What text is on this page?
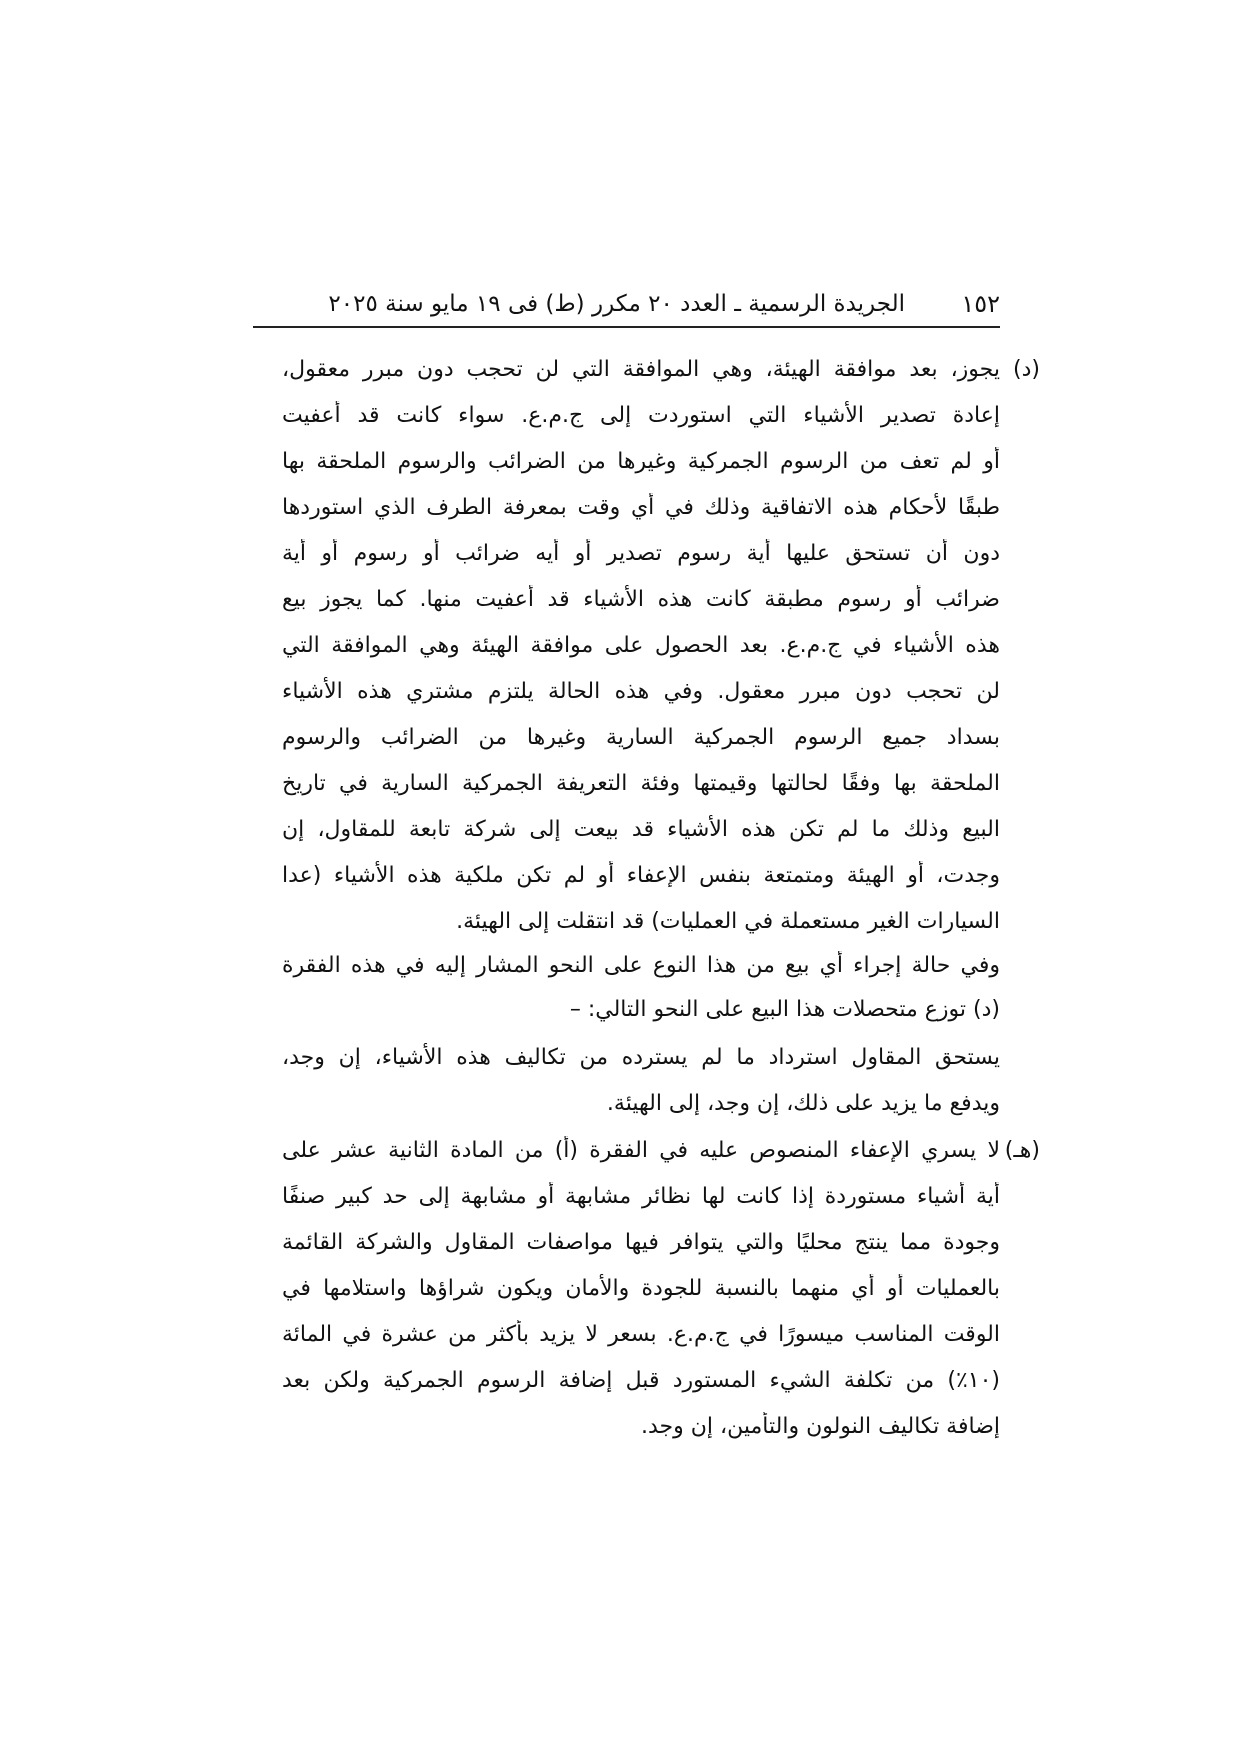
١٥٢
الجريدة الرسمية ـ العدد ٢٠ مكرر (ط) فى ١٩ مايو سنة ٢٠٢٥
(د)
يجوز، بعد موافقة الهيئة، وهي الموافقة التي لن تحجب دون مبرر معقول،
إعادة تصدير الأشياء التي استوردت إلى ج.م.ع. سواء كانت قد أعفيت
أو لم تعف من الرسوم الجمركية وغيرها من الضرائب والرسوم الملحقة بها
طبقًا لأحكام هذه الاتفاقية وذلك في أي وقت بمعرفة الطرف الذي استوردها
دون أن تستحق عليها أية رسوم تصدير أو أيه ضرائب أو رسوم أو أية
ضرائب أو رسوم مطبقة كانت هذه الأشياء قد أعفيت منها. كما يجوز بيع
هذه الأشياء في ج.م.ع. بعد الحصول على موافقة الهيئة وهي الموافقة التي
لن تحجب دون مبرر معقول. وفي هذه الحالة يلتزم مشتري هذه الأشياء
بسداد جميع الرسوم الجمركية السارية وغيرها من الضرائب والرسوم
الملحقة بها وفقًا لحالتها وقيمتها وفئة التعريفة الجمركية السارية في تاريخ
البيع وذلك ما لم تكن هذه الأشياء قد بيعت إلى شركة تابعة للمقاول، إن
وجدت، أو الهيئة ومتمتعة بنفس الإعفاء أو لم تكن ملكية هذه الأشياء (عدا
السيارات الغير مستعملة في العمليات) قد انتقلت إلى الهيئة.
وفي حالة إجراء أي بيع من هذا النوع على النحو المشار إليه في هذه الفقرة
(د) توزع متحصلات هذا البيع على النحو التالي: –
يستحق المقاول استرداد ما لم يسترده من تكاليف هذه الأشياء، إن وجد،
ويدفع ما يزيد على ذلك، إن وجد، إلى الهيئة.
(هـ)
لا يسري الإعفاء المنصوص عليه في الفقرة (أ) من المادة الثانية عشر على
أية أشياء مستوردة إذا كانت لها نظائر مشابهة أو مشابهة إلى حد كبير صنفًا
وجودة مما ينتج محليًا والتي يتوافر فيها مواصفات المقاول والشركة القائمة
بالعمليات أو أي منهما بالنسبة للجودة والأمان ويكون شراؤها واستلامها في
الوقت المناسب ميسورًا في ج.م.ع. بسعر لا يزيد بأكثر من عشرة في المائة
(١٠٪) من تكلفة الشيء المستورد قبل إضافة الرسوم الجمركية ولكن بعد
إضافة تكاليف النولون والتأمين، إن وجد.
